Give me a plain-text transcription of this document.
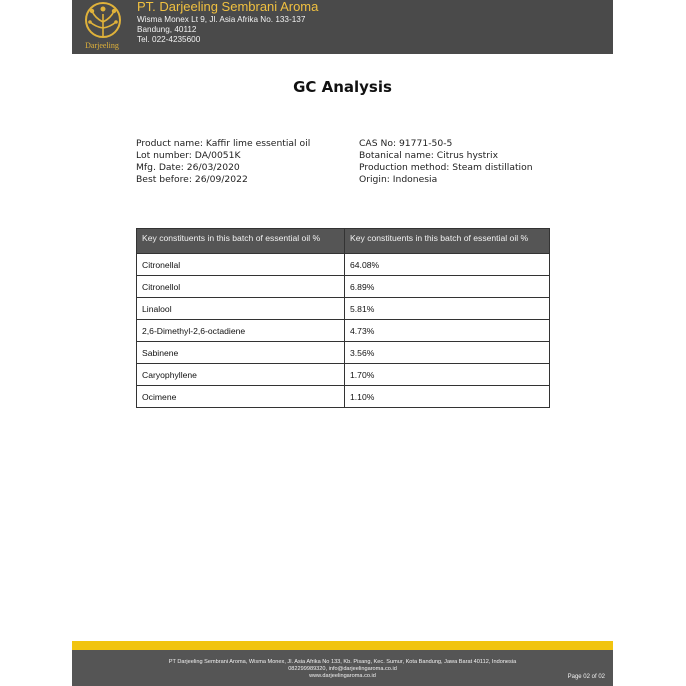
Darjeeling
PT. Darjeeling Sembrani Aroma
Wisma Monex Lt 9, Jl. Asia Afrika No. 133-137
Bandung, 40112
Tel. 022-4235600
GC Analysis
Product name: Kaffir lime essential oil
Lot number: DA/0051K
Mfg. Date: 26/03/2020
Best before: 26/09/2022
CAS No: 91771-50-5
Botanical name: Citrus hystrix
Production method: Steam distillation
Origin: Indonesia
Key constituents in this batch of essential oil %	Key constituents in this batch of essential oil %
Citronellal	64.08%
Citronellol	6.89%
Linalool	5.81%
2,6-Dimethyl-2,6-octadiene	4.73%
Sabinene	3.56%
Caryophyllene	1.70%
Ocimene	1.10%
PT Darjeeling Sembrani Aroma, Wisma Monex, Jl. Asia Afrika No 133, Kb. Pisang, Kec. Sumur, Kota Bandung, Jawa Barat 40112, Indonesia
082299989320, info@darjeelingaroma.co.id
www.darjeelingaroma.co.id	Page 02 of 02
